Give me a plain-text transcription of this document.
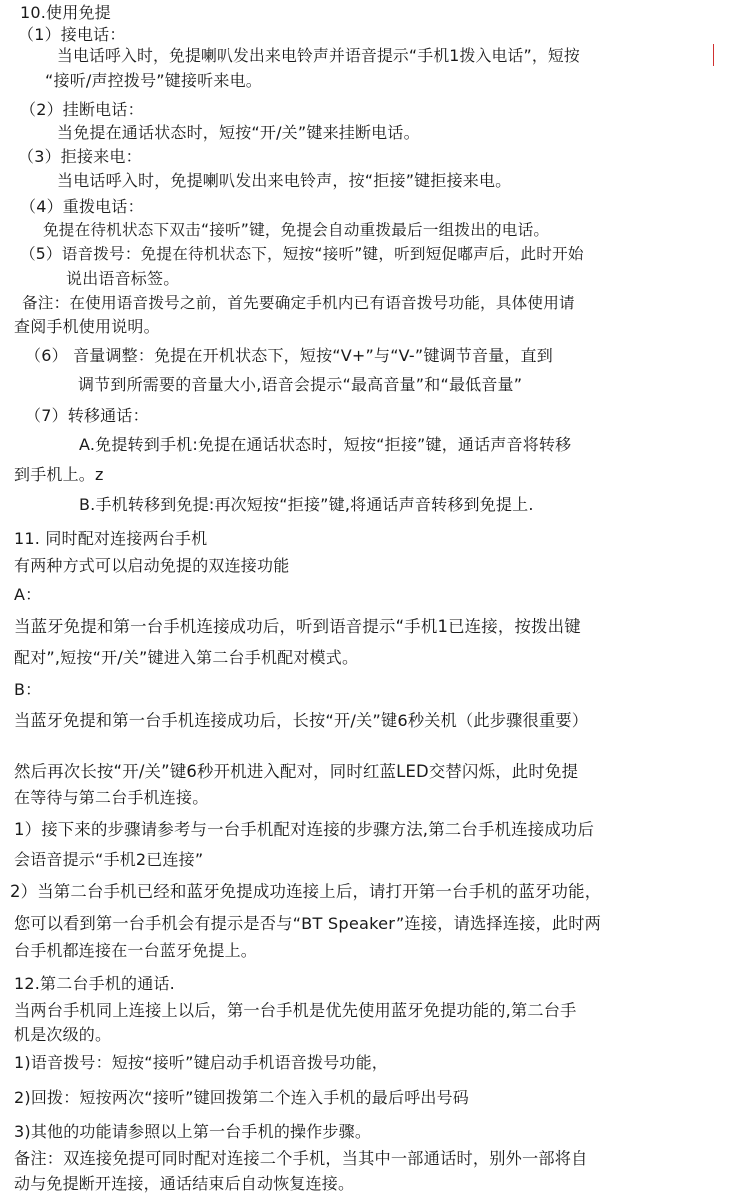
10.使用免提
（1）接电话：
当电话呼入时，免提喇叭发出来电铃声并语音提示“手机1拨入电话”，短按
“接听/声控拨号”键接听来电。
（2）挂断电话：
当免提在通话状态时，短按“开/关”键来挂断电话。
（3）拒接来电：
当电话呼入时，免提喇叭发出来电铃声，按“拒接”键拒接来电。
（4）重拨电话：
免提在待机状态下双击“接听”键，免提会自动重拨最后一组拨出的电话。
（5）语音拨号：免提在待机状态下，短按“接听”键，听到短促嘟声后，此时开始
说出语音标签。
备注：在使用语音拨号之前，首先要确定手机内已有语音拨号功能，具体使用请
查阅手机使用说明。
（6） 音量调整：免提在开机状态下，短按“V+”与“V-”键调节音量，直到
调节到所需要的音量大小,语音会提示“最高音量”和“最低音量”
（7）转移通话：
A.免提转到手机:免提在通话状态时，短按“拒接”键，通话声音将转移
到手机上。z
B.手机转移到免提:再次短按“拒接”键,将通话声音转移到免提上.
11. 同时配对连接两台手机
有两种方式可以启动免提的双连接功能
A：
当蓝牙免提和第一台手机连接成功后，听到语音提示“手机1已连接，按拨出键
配对”,短按“开/关”键进入第二台手机配对模式。
B：
当蓝牙免提和第一台手机连接成功后，长按“开/关”键6秒关机（此步骤很重要）
然后再次长按“开/关”键6秒开机进入配对，同时红蓝LED交替闪烁，此时免提
在等待与第二台手机连接。
1）接下来的步骤请参考与一台手机配对连接的步骤方法,第二台手机连接成功后
会语音提示“手机2已连接”
2）当第二台手机已经和蓝牙免提成功连接上后，请打开第一台手机的蓝牙功能，
您可以看到第一台手机会有提示是否与“BT Speaker”连接，请选择连接，此时两
台手机都连接在一台蓝牙免提上。
12.第二台手机的通话.
当两台手机同上连接上以后，第一台手机是优先使用蓝牙免提功能的,第二台手
机是次级的。
1)语音拨号：短按“接听”键启动手机语音拨号功能，
2)回拨：短按两次“接听”键回拨第二个连入手机的最后呼出号码
3)其他的功能请参照以上第一台手机的操作步骤。
备注：双连接免提可同时配对连接二个手机，当其中一部通话时，别外一部将自
动与免提断开连接，通话结束后自动恢复连接。
